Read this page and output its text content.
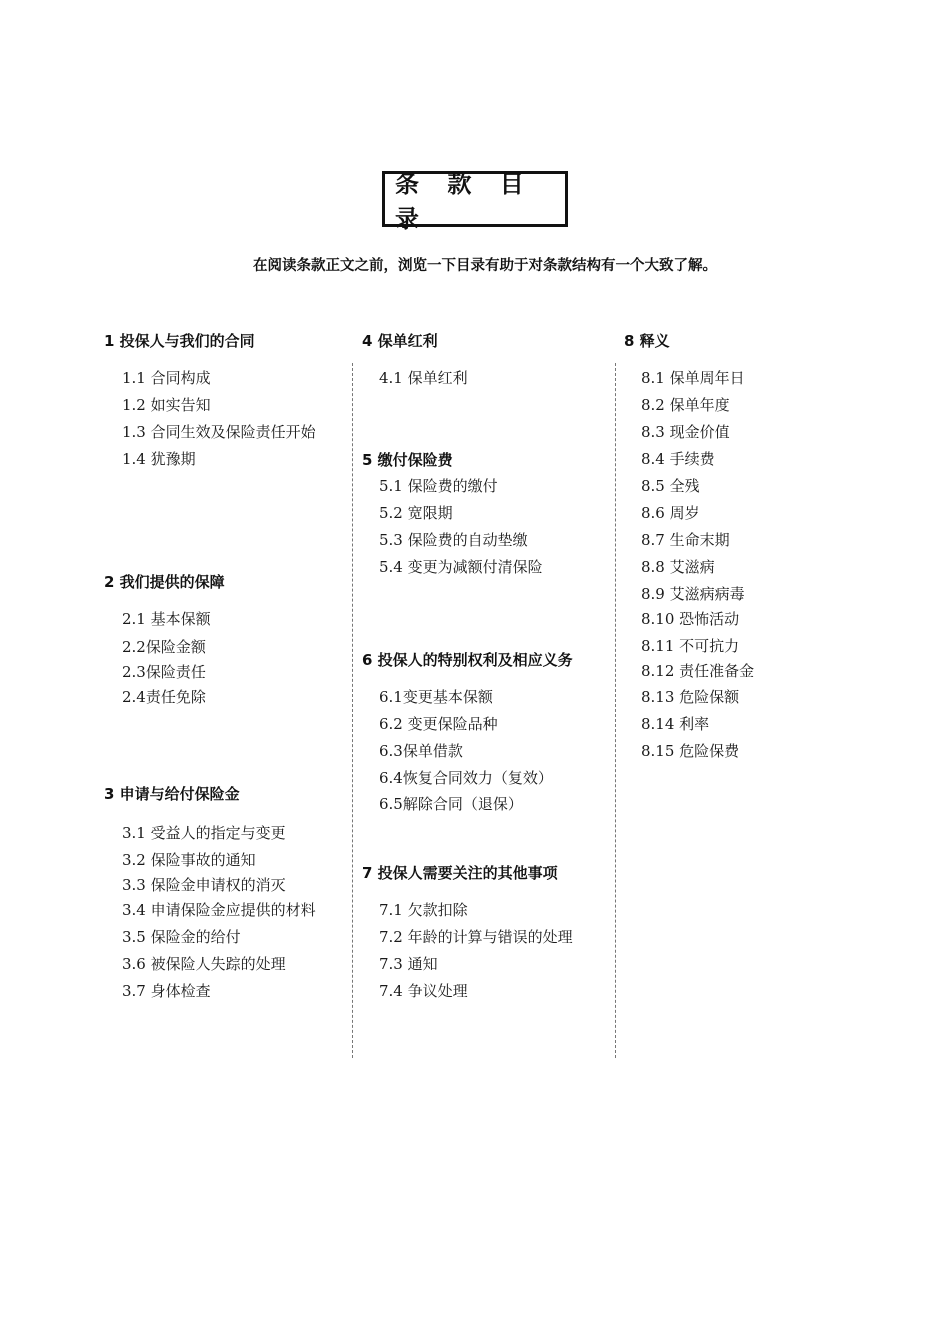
条 款 目 录
在阅读条款正文之前，浏览一下目录有助于对条款结构有一个大致了解。
1 投保人与我们的合同
1.1 合同构成
1.2 如实告知
1.3 合同生效及保险责任开始
1.4 犹豫期
2 我们提供的保障
2.1 基本保额
2.2保险金额
2.3保险责任
2.4责任免除
3 申请与给付保险金
3.1 受益人的指定与变更
3.2 保险事故的通知
3.3 保险金申请权的消灭
3.4 申请保险金应提供的材料
3.5 保险金的给付
3.6 被保险人失踪的处理
3.7 身体检查
4 保单红利
4.1 保单红利
5 缴付保险费
5.1 保险费的缴付
5.2 宽限期
5.3 保险费的自动垫缴
5.4 变更为减额付清保险
6 投保人的特别权利及相应义务
6.1变更基本保额
6.2 变更保险品种
6.3保单借款
6.4恢复合同效力（复效）
6.5解除合同（退保）
7 投保人需要关注的其他事项
7.1 欠款扣除
7.2 年龄的计算与错误的处理
7.3 通知
7.4 争议处理
8 释义
8.1 保单周年日
8.2 保单年度
8.3 现金价值
8.4 手续费
8.5 全残
8.6 周岁
8.7 生命末期
8.8 艾滋病
8.9 艾滋病病毒
8.10 恐怖活动
8.11 不可抗力
8.12 责任准备金
8.13 危险保额
8.14 利率
8.15 危险保费
